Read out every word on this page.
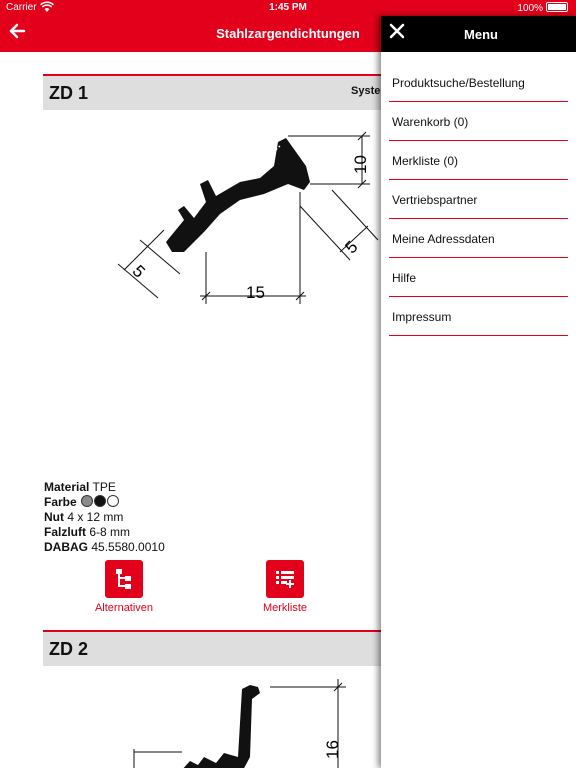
Carrier	1:45 PM	100%
Stahlzargendichtungen
ZD 1	Syste
10
5
5
15
Material TPE
Farbe
Nut 4 x 12 mm
Falzluft 6-8 mm
DABAG 45.5580.0010
Alternativen	Merkliste
ZD 2
16
Menu
Produktsuche/Bestellung
Warenkorb (0)
Merkliste (0)
Vertriebspartner
Meine Adressdaten
Hilfe
Impressum
